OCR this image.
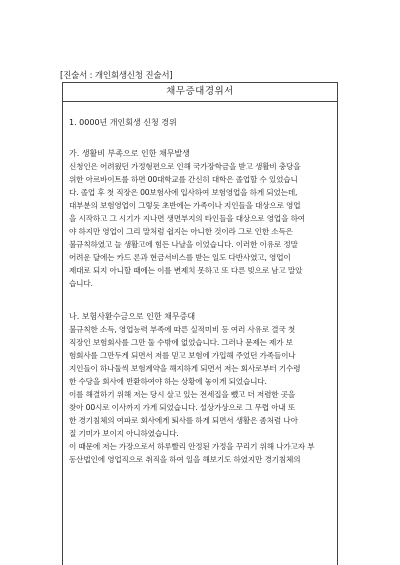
[진술서 : 개인회생신청 진술서]
채무증대경위서
1. 0000년 개인회생 신청 경위
가. 생활비 부족으로 인한 채무발생
신청인은 어려웠던 가정형편으로 인해 국가장학금을 받고 생활비 충당을
위한 아르바이트를 하면 00대학교를 간신히 대학은 졸업할 수 있었습니
다. 졸업 후 첫 직장은 00보험사에 입사하여 보험영업을 하게 되었는데,
대부분의 보험영업이 그렇듯 초반에는 가족이나 지인들을 대상으로 영업
을 시작하고 그 시기가 지나면 생면부지의 타인들을 대상으로 영업을 하여
야 하지만 영업이 그리 말처럼 쉽지는 아니한 것이라 그로 인한 소득은
불규칙하였고 늘 생활고에 힘든 나날을 이었습니다. 이러한 이유로 정말
어려운 달에는 카드 론과 현금서비스를 받는 일도 다반사였고, 영업이
제대로 되지 아니할 때에는 이를 변제치 못하고 또 다른 빚으로 남고 말았
습니다.
나. 보험사환수금으로 인한 채무증대
불규칙한 소득, 영업능력 부족에 따른 실적미비 등 여러 사유로 결국 첫
직장인 보험회사를 그만 둘 수밖에 없었습니다. 그러나 문제는 제가 보
험회사를 그만두게 되면서 저를 믿고 보험에 가입해 주었던 가족들이나
지인들이 하나둘씩 보험계약을 해지하게 되면서 저는 회사로부터 기수령
한 수당을 회사에 반환하여야 하는 상황에 놓이게 되었습니다.
이를 해결하기 위해 저는 당시 살고 있는 전세집을 뺐고 더 저렴한 곳을
찾아 00시로 이사까지 가게 되었습니다. 설상가상으로 그 무렵 아내 또
한 경기침체의 여파로 회사에게 퇴사를 하게 되면서 생활은 좀처럼 나아
질 기미가 보이지 아니하였습니다.
이 때문에 저는 가장으로서 하루빨리 안정된 가정을 꾸리기 위해 나가고자 부
동산법인에 영업직으로 취직을 하여 일을 해보기도 하였지만 경기침체의
